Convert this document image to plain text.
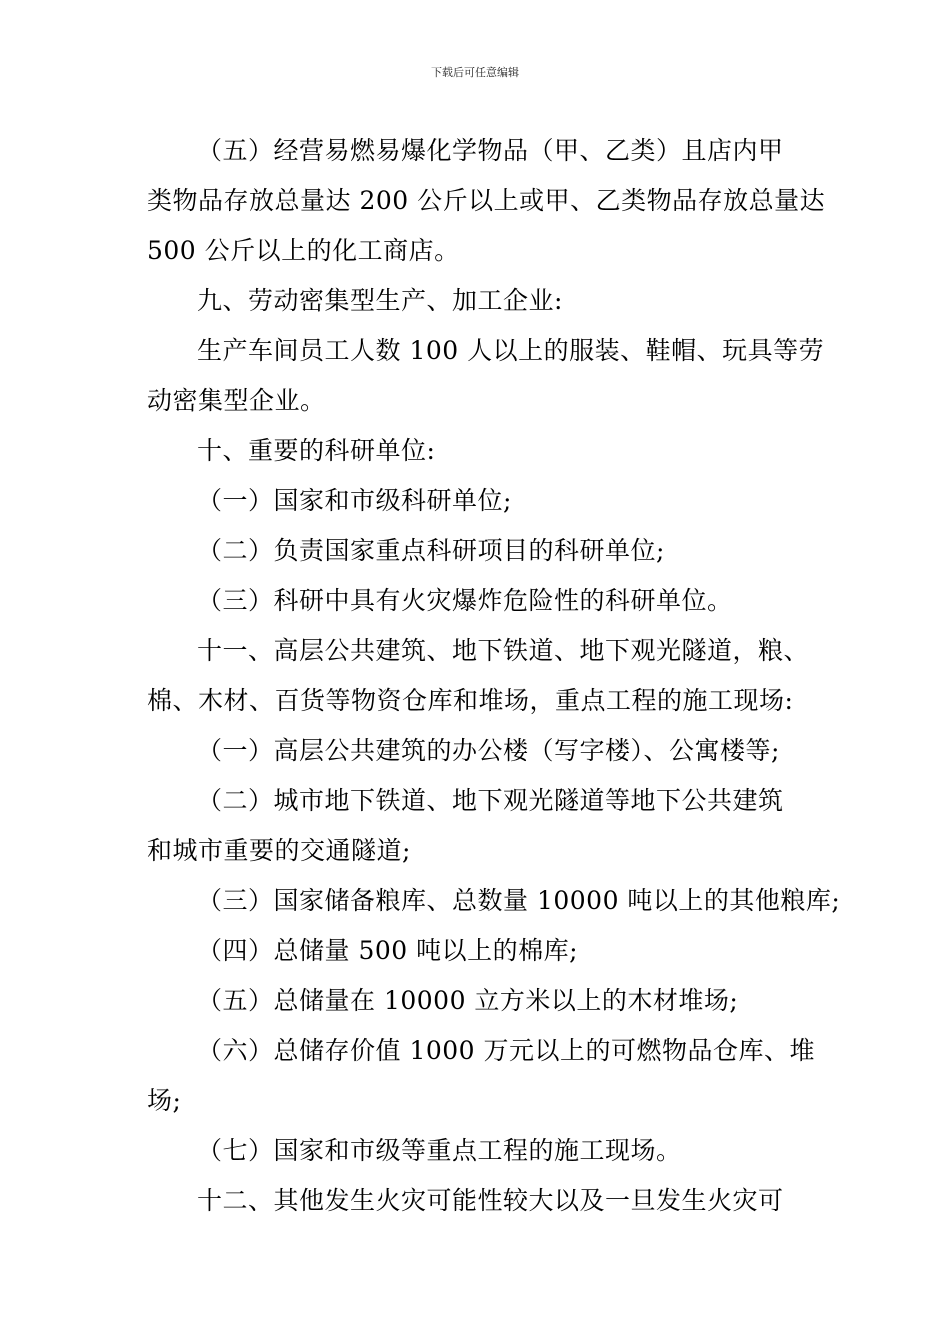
下载后可任意编辑
（五）经营易燃易爆化学物品（甲、乙类）且店内甲
类物品存放总量达 200 公斤以上或甲、乙类物品存放总量达
500 公斤以上的化工商店。
九、劳动密集型生产、加工企业:
生产车间员工人数 100 人以上的服装、鞋帽、玩具等劳
动密集型企业。
十、重要的科研单位:
（一）国家和市级科研单位;
（二）负责国家重点科研项目的科研单位;
（三）科研中具有火灾爆炸危险性的科研单位。
十一、高层公共建筑、地下铁道、地下观光隧道，粮、
棉、木材、百货等物资仓库和堆场，重点工程的施工现场:
（一）高层公共建筑的办公楼（写字楼）、公寓楼等;
（二）城市地下铁道、地下观光隧道等地下公共建筑
和城市重要的交通隧道;
（三）国家储备粮库、总数量 10000 吨以上的其他粮库;
（四）总储量 500 吨以上的棉库;
（五）总储量在 10000 立方米以上的木材堆场;
（六）总储存价值 1000 万元以上的可燃物品仓库、堆
场;
（七）国家和市级等重点工程的施工现场。
十二、其他发生火灾可能性较大以及一旦发生火灾可
